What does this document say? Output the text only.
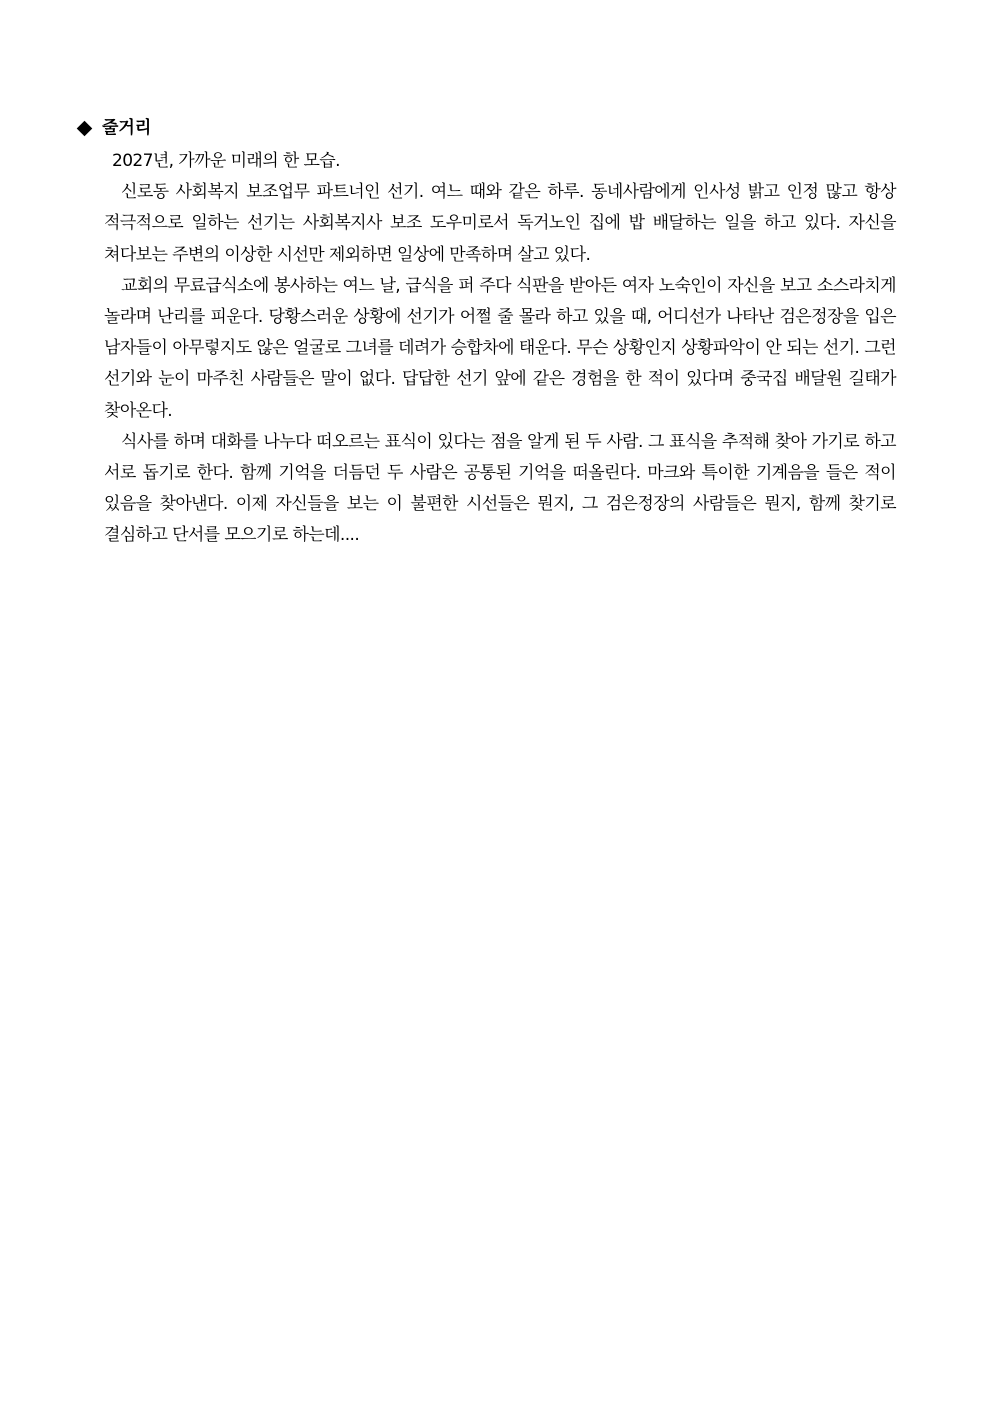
줄거리

2027년, 가까운 미래의 한 모습.

신로동 사회복지 보조업무 파트너인 선기. 여느 때와 같은 하루. 동네사람에게 인사성 밝고 인정 많고 항상 적극적으로 일하는 선기는 사회복지사 보조 도우미로서 독거노인 집에 밥 배달하는 일을 하고 있다. 자신을 쳐다보는 주변의 이상한 시선만 제외하면 일상에 만족하며 살고 있다.

교회의 무료급식소에 봉사하는 여느 날, 급식을 퍼 주다 식판을 받아든 여자 노숙인이 자신을 보고 소스라치게 놀라며 난리를 피운다. 당황스러운 상황에 선기가 어쩔 줄 몰라 하고 있을 때, 어디선가 나타난 검은정장을 입은 남자들이 아무렇지도 않은 얼굴로 그녀를 데려가 승합차에 태운다. 무슨 상황인지 상황파악이 안 되는 선기. 그런 선기와 눈이 마주친 사람들은 말이 없다. 답답한 선기 앞에 같은 경험을 한 적이 있다며 중국집 배달원 길태가 찾아온다.

식사를 하며 대화를 나누다 떠오르는 표식이 있다는 점을 알게 된 두 사람. 그 표식을 추적해 찾아 가기로 하고 서로 돕기로 한다. 함께 기억을 더듬던 두 사람은 공통된 기억을 떠올린다. 마크와 특이한 기계음을 들은 적이 있음을 찾아낸다. 이제 자신들을 보는 이 불편한 시선들은 뭔지, 그 검은정장의 사람들은 뭔지, 함께 찾기로 결심하고 단서를 모으기로 하는데....
